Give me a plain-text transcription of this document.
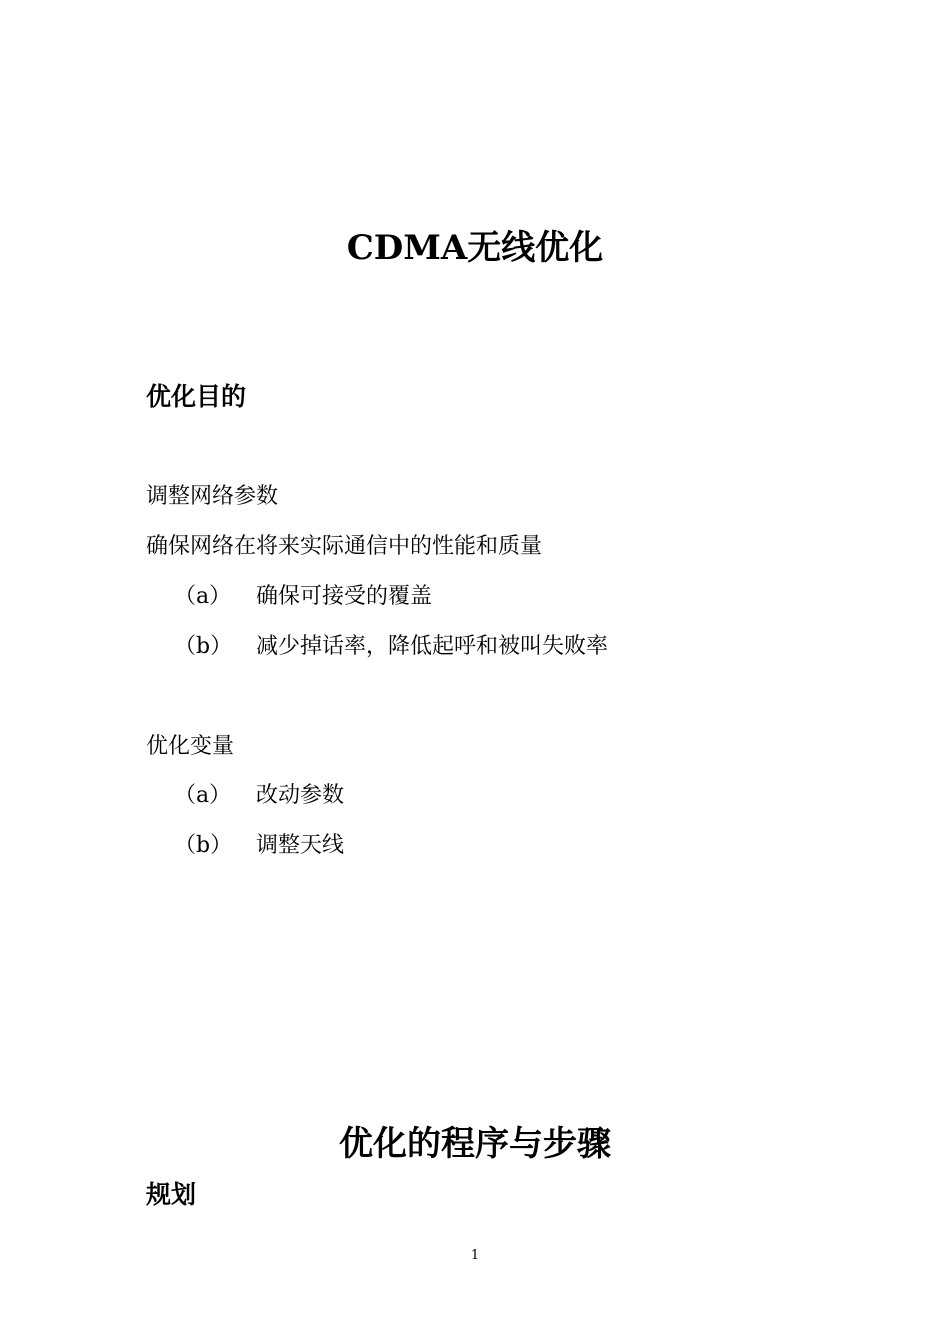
CDMA无线优化
优化目的

调整网络参数

确保网络在将来实际通信中的性能和质量

（a）	确保可接受的覆盖
（b）	减少掉话率，降低起呼和被叫失败率

优化变量

（a）	改动参数
（b）	调整天线
优化的程序与步骤
规划
1
